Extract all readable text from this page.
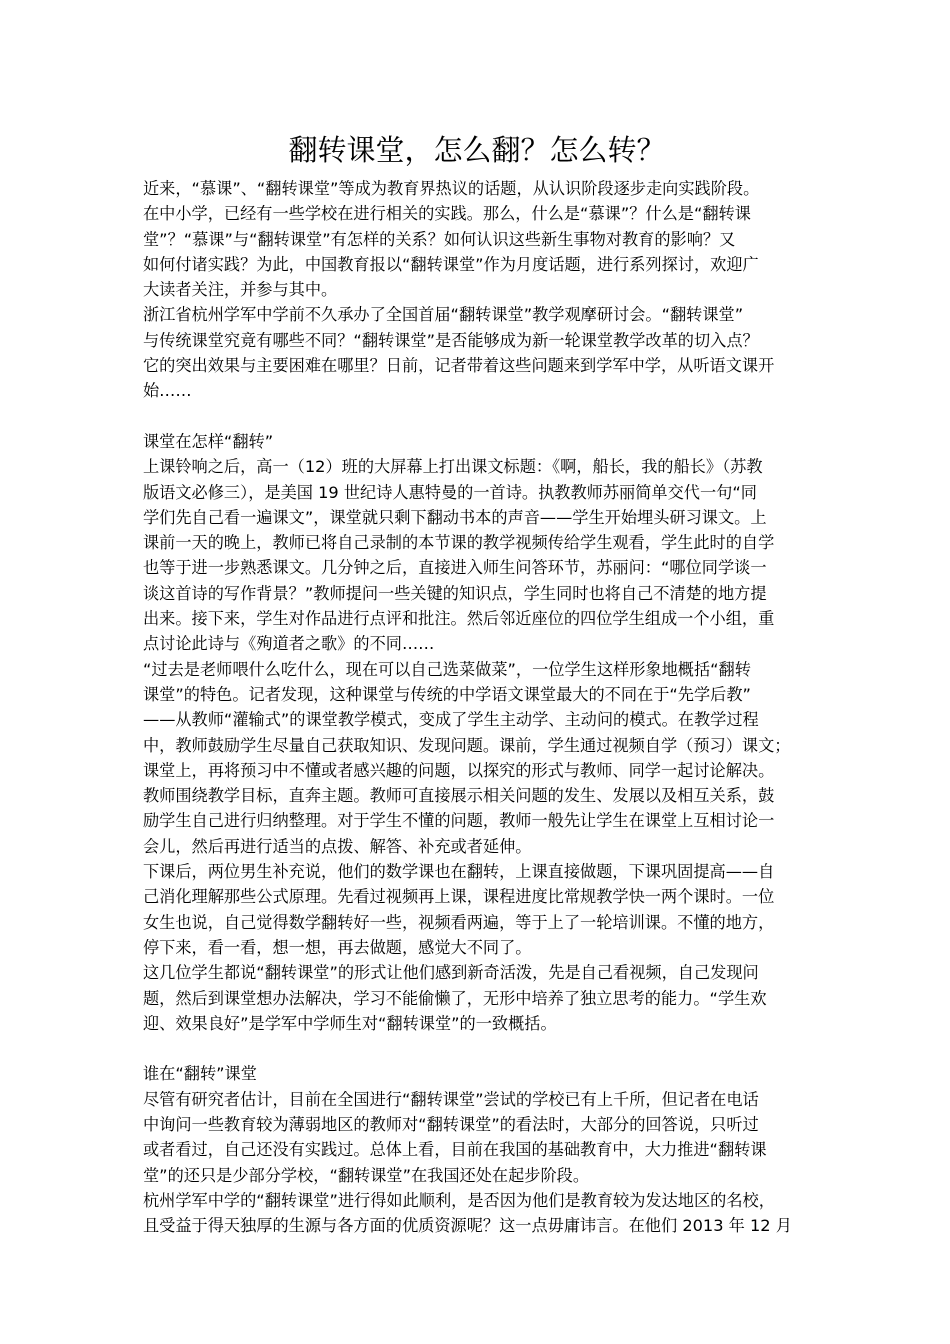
翻转课堂，怎么翻？怎么转？
近来，“慕课”、“翻转课堂”等成为教育界热议的话题，从认识阶段逐步走向实践阶段。
在中小学，已经有一些学校在进行相关的实践。那么，什么是“慕课”？什么是“翻转课
堂”？“慕课”与“翻转课堂”有怎样的关系？如何认识这些新生事物对教育的影响？又
如何付诸实践？为此，中国教育报以“翻转课堂”作为月度话题，进行系列探讨，欢迎广
大读者关注，并参与其中。
浙江省杭州学军中学前不久承办了全国首届“翻转课堂”教学观摩研讨会。“翻转课堂”
与传统课堂究竟有哪些不同？“翻转课堂”是否能够成为新一轮课堂教学改革的切入点？
它的突出效果与主要困难在哪里？日前，记者带着这些问题来到学军中学，从听语文课开
始……
课堂在怎样“翻转”
上课铃响之后，高一（12）班的大屏幕上打出课文标题：《啊，船长，我的船长》（苏教
版语文必修三），是美国 19 世纪诗人惠特曼的一首诗。执教教师苏丽简单交代一句“同
学们先自己看一遍课文”，课堂就只剩下翻动书本的声音——学生开始埋头研习课文。上
课前一天的晚上，教师已将自己录制的本节课的教学视频传给学生观看，学生此时的自学
也等于进一步熟悉课文。几分钟之后，直接进入师生问答环节，苏丽问：“哪位同学谈一
谈这首诗的写作背景？”教师提问一些关键的知识点，学生同时也将自己不清楚的地方提
出来。接下来，学生对作品进行点评和批注。然后邻近座位的四位学生组成一个小组，重
点讨论此诗与《殉道者之歌》的不同……
“过去是老师喂什么吃什么，现在可以自己选菜做菜”，一位学生这样形象地概括“翻转
课堂”的特色。记者发现，这种课堂与传统的中学语文课堂最大的不同在于“先学后教”
——从教师“灌输式”的课堂教学模式，变成了学生主动学、主动问的模式。在教学过程
中，教师鼓励学生尽量自己获取知识、发现问题。课前，学生通过视频自学（预习）课文；
课堂上，再将预习中不懂或者感兴趣的问题，以探究的形式与教师、同学一起讨论解决。
教师围绕教学目标，直奔主题。教师可直接展示相关问题的发生、发展以及相互关系，鼓
励学生自己进行归纳整理。对于学生不懂的问题，教师一般先让学生在课堂上互相讨论一
会儿，然后再进行适当的点拨、解答、补充或者延伸。
下课后，两位男生补充说，他们的数学课也在翻转，上课直接做题，下课巩固提高——自
己消化理解那些公式原理。先看过视频再上课，课程进度比常规教学快一两个课时。一位
女生也说，自己觉得数学翻转好一些，视频看两遍，等于上了一轮培训课。不懂的地方，
停下来，看一看，想一想，再去做题，感觉大不同了。
这几位学生都说“翻转课堂”的形式让他们感到新奇活泼，先是自己看视频，自己发现问
题，然后到课堂想办法解决，学习不能偷懒了，无形中培养了独立思考的能力。“学生欢
迎、效果良好”是学军中学师生对“翻转课堂”的一致概括。
谁在“翻转”课堂
尽管有研究者估计，目前在全国进行“翻转课堂”尝试的学校已有上千所，但记者在电话
中询问一些教育较为薄弱地区的教师对“翻转课堂”的看法时，大部分的回答说，只听过
或者看过，自己还没有实践过。总体上看，目前在我国的基础教育中，大力推进“翻转课
堂”的还只是少部分学校，“翻转课堂”在我国还处在起步阶段。
杭州学军中学的“翻转课堂”进行得如此顺利，是否因为他们是教育较为发达地区的名校，
且受益于得天独厚的生源与各方面的优质资源呢？这一点毋庸讳言。在他们 2013 年 12 月
